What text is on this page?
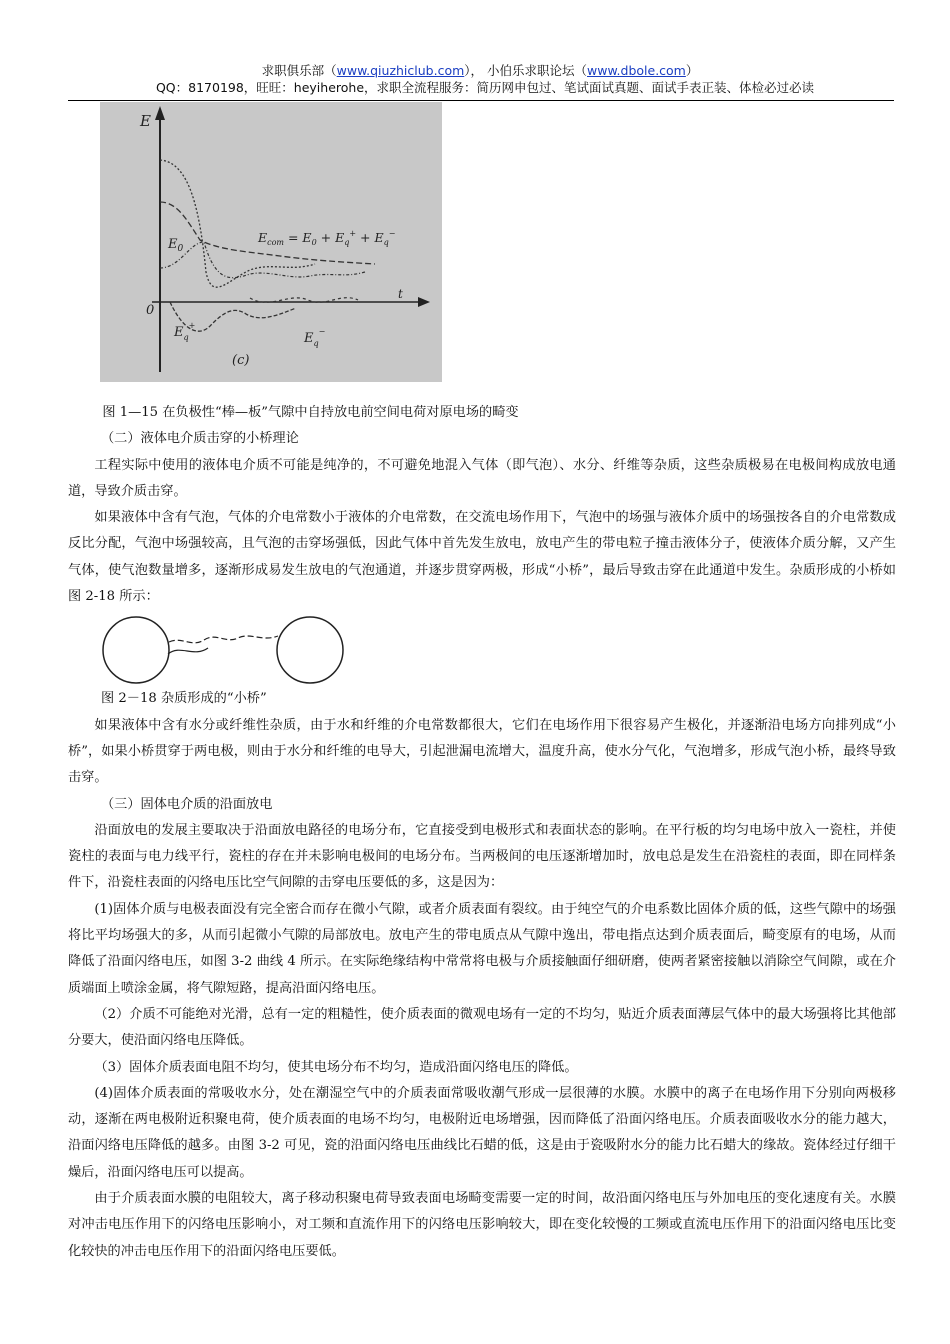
求职俱乐部（www.qiuzhiclub.com）， 小伯乐求职论坛（www.dbole.com）
QQ：8170198，旺旺：heyiherohe，求职全流程服务：简历网申包过、笔试面试真题、面试手表正装、体检必过必读
E
t
$E_0$
0
$E_{com} = E_0 + E_q^+ + E_q^-$
$E_q^+$
$E_q^-$
(c)

图 1—15 在负极性“棒—板”气隙中自持放电前空间电荷对原电场的畸变

（二）液体电介质击穿的小桥理论

工程实际中使用的液体电介质不可能是纯净的，不可避免地混入气体（即气泡）、水分、纤维等杂质，这些杂质极易在电极间构成放电通道，导致介质击穿。

如果液体中含有气泡，气体的介电常数小于液体的介电常数，在交流电场作用下，气泡中的场强与液体介质中的场强按各自的介电常数成反比分配，气泡中场强较高，且气泡的击穿场强低，因此气体中首先发生放电，放电产生的带电粒子撞击液体分子，使液体介质分解，又产生气体，使气泡数量增多，逐渐形成易发生放电的气泡通道，并逐步贯穿两极，形成“小桥”，最后导致击穿在此通道中发生。杂质形成的小桥如图 2-18 所示：

图 2－18 杂质形成的“小桥”

如果液体中含有水分或纤维性杂质，由于水和纤维的介电常数都很大，它们在电场作用下很容易产生极化，并逐渐沿电场方向排列成“小桥”，如果小桥贯穿于两电极，则由于水分和纤维的电导大，引起泄漏电流增大，温度升高，使水分气化，气泡增多，形成气泡小桥，最终导致击穿。

（三）固体电介质的沿面放电

沿面放电的发展主要取决于沿面放电路径的电场分布，它直接受到电极形式和表面状态的影响。在平行板的均匀电场中放入一瓷柱，并使瓷柱的表面与电力线平行，瓷柱的存在并未影响电极间的电场分布。当两极间的电压逐渐增加时，放电总是发生在沿瓷柱的表面，即在同样条件下，沿瓷柱表面的闪络电压比空气间隙的击穿电压要低的多，这是因为：

(1)固体介质与电极表面没有完全密合而存在微小气隙，或者介质表面有裂纹。由于纯空气的介电系数比固体介质的低，这些气隙中的场强将比平均场强大的多，从而引起微小气隙的局部放电。放电产生的带电质点从气隙中逸出，带电指点达到介质表面后，畸变原有的电场，从而降低了沿面闪络电压，如图 3-2 曲线 4 所示。在实际绝缘结构中常常将电极与介质接触面仔细研磨，使两者紧密接触以消除空气间隙，或在介质端面上喷涂金属，将气隙短路，提高沿面闪络电压。

（2）介质不可能绝对光滑，总有一定的粗糙性，使介质表面的微观电场有一定的不均匀，贴近介质表面薄层气体中的最大场强将比其他部分要大，使沿面闪络电压降低。

（3）固体介质表面电阻不均匀，使其电场分布不均匀，造成沿面闪络电压的降低。

(4)固体介质表面的常吸收水分，处在潮湿空气中的介质表面常吸收潮气形成一层很薄的水膜。水膜中的离子在电场作用下分别向两极移动，逐渐在两电极附近积聚电荷，使介质表面的电场不均匀，电极附近电场增强，因而降低了沿面闪络电压。介质表面吸收水分的能力越大，沿面闪络电压降低的越多。由图 3-2 可见，瓷的沿面闪络电压曲线比石蜡的低，这是由于瓷吸附水分的能力比石蜡大的缘故。瓷体经过仔细干燥后，沿面闪络电压可以提高。

由于介质表面水膜的电阻较大，离子移动积聚电荷导致表面电场畸变需要一定的时间，故沿面闪络电压与外加电压的变化速度有关。水膜对冲击电压作用下的闪络电压影响小，对工频和直流作用下的闪络电压影响较大，即在变化较慢的工频或直流电压作用下的沿面闪络电压比变化较快的冲击电压作用下的沿面闪络电压要低。
